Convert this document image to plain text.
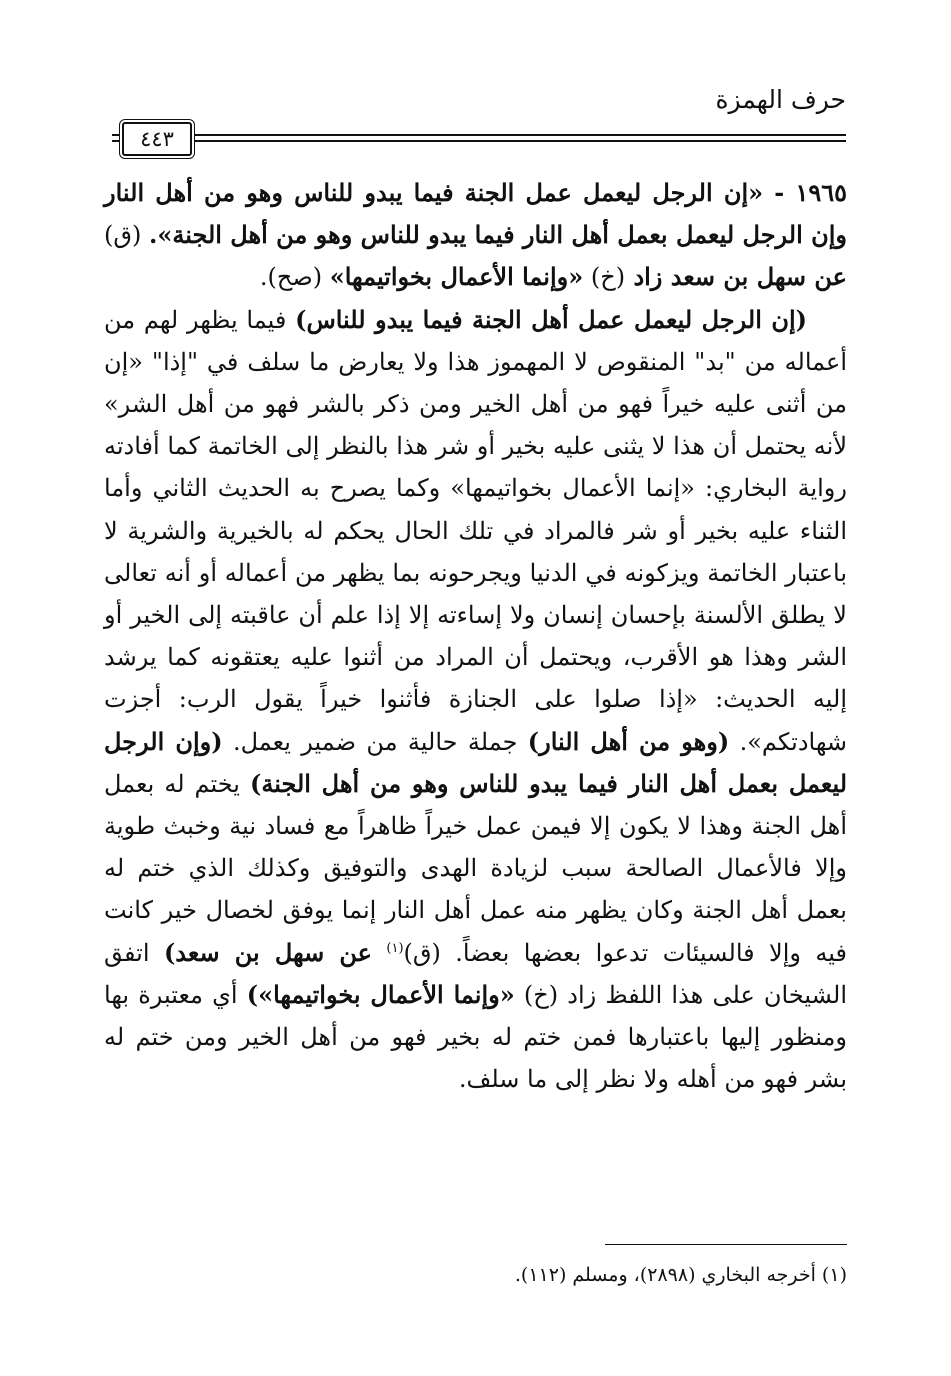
حرف الهمزة
٤٤٣

١٩٦٥ - «إن الرجل ليعمل عمل الجنة فيما يبدو للناس وهو من أهل النار وإن الرجل ليعمل بعمل أهل النار فيما يبدو للناس وهو من أهل الجنة». (ق) عن سهل بن سعد زاد (خ) «وإنما الأعمال بخواتيمها» (صح).

(إن الرجل ليعمل عمل أهل الجنة فيما يبدو للناس) فيما يظهر لهم من أعماله من "بد" المنقوص لا المهموز هذا ولا يعارض ما سلف في "إذا" «إن من أثنى عليه خيراً فهو من أهل الخير ومن ذكر بالشر فهو من أهل الشر» لأنه يحتمل أن هذا لا يثنى عليه بخير أو شر هذا بالنظر إلى الخاتمة كما أفادته رواية البخاري: «إنما الأعمال بخواتيمها» وكما يصرح به الحديث الثاني وأما الثناء عليه بخير أو شر فالمراد في تلك الحال يحكم له بالخيرية والشرية لا باعتبار الخاتمة ويزكونه في الدنيا ويجرحونه بما يظهر من أعماله أو أنه تعالى لا يطلق الألسنة بإحسان إنسان ولا إساءته إلا إذا علم أن عاقبته إلى الخير أو الشر وهذا هو الأقرب، ويحتمل أن المراد من أثنوا عليه يعتقونه كما يرشد إليه الحديث: «إذا صلوا على الجنازة فأثنوا خيراً يقول الرب: أجزت شهادتكم». (وهو من أهل النار) جملة حالية من ضمير يعمل. (وإن الرجل ليعمل بعمل أهل النار فيما يبدو للناس وهو من أهل الجنة) يختم له بعمل أهل الجنة وهذا لا يكون إلا فيمن عمل خيراً ظاهراً مع فساد نية وخبث طوية وإلا فالأعمال الصالحة سبب لزيادة الهدى والتوفيق وكذلك الذي ختم له بعمل أهل الجنة وكان يظهر منه عمل أهل النار إنما يوفق لخصال خير كانت فيه وإلا فالسيئات تدعوا بعضها بعضاً. (ق)$^{(١)}$ عن سهل بن سعد) اتفق الشيخان على هذا اللفظ زاد (خ) «وإنما الأعمال بخواتيمها») أي معتبرة بها ومنظور إليها باعتبارها فمن ختم له بخير فهو من أهل الخير ومن ختم له بشر فهو من أهله ولا نظر إلى ما سلف.

(١) أخرجه البخاري (٢٨٩٨)، ومسلم (١١٢).
